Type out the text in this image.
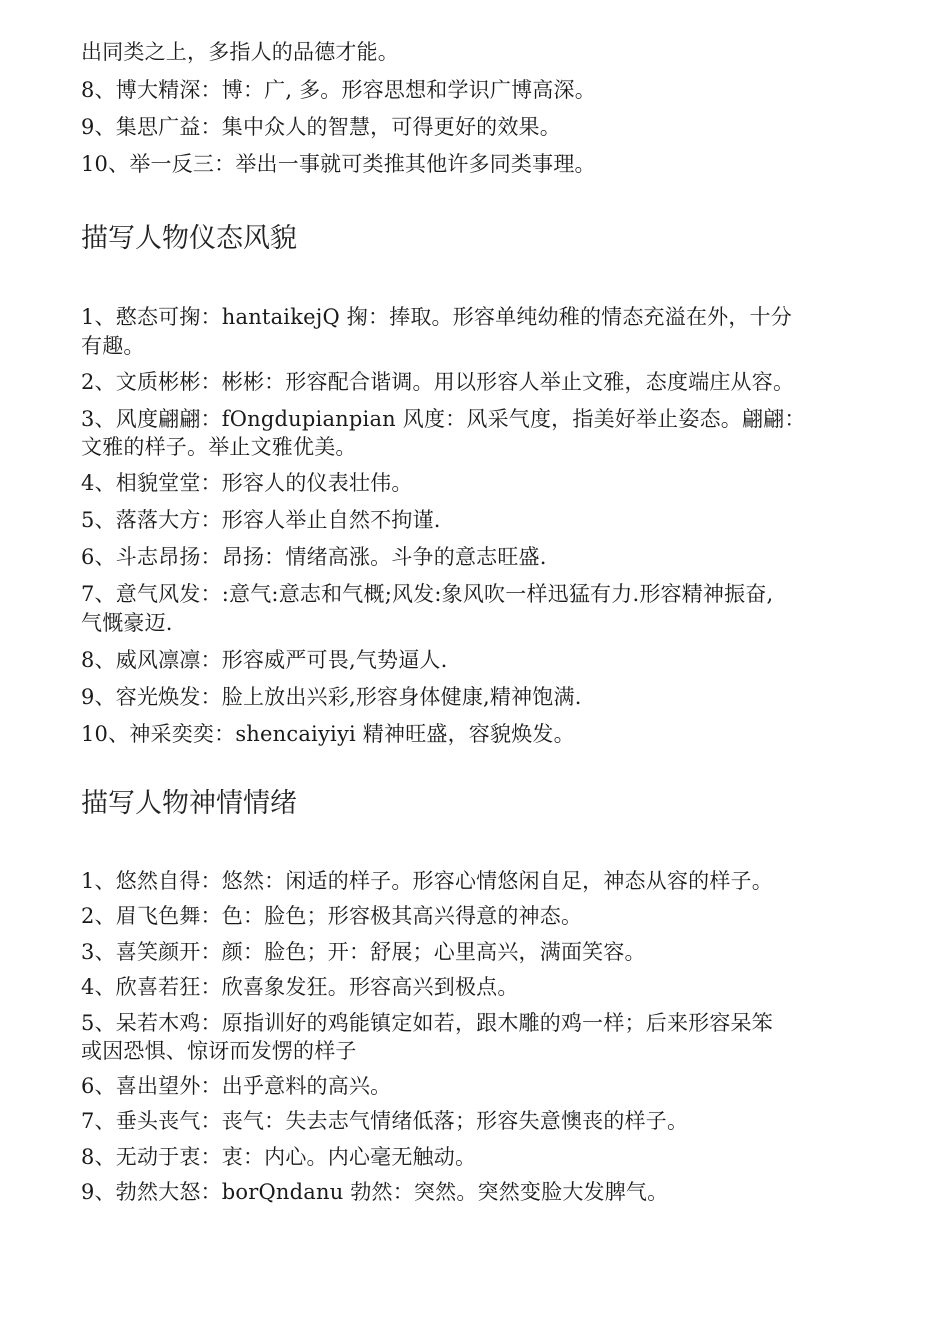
出同类之上，多指人的品德才能。
8、博大精深：博：广, 多。形容思想和学识广博高深。
9、集思广益：集中众人的智慧，可得更好的效果。
10、举一反三：举出一事就可类推其他许多同类事理。
描写人物仪态风貌
1、憨态可掬：hantaikejQ 掬：捧取。形容单纯幼稚的情态充溢在外，十分
有趣。
2、文质彬彬：彬彬：形容配合谐调。用以形容人举止文雅，态度端庄从容。
3、风度翩翩：fOngdupianpian 风度：风采气度，指美好举止姿态。翩翩：
文雅的样子。举止文雅优美。
4、相貌堂堂：形容人的仪表壮伟。
5、落落大方：形容人举止自然不拘谨.
6、斗志昂扬：昂扬：情绪高涨。斗争的意志旺盛.
7、意气风发：:意气:意志和气概;风发:象风吹一样迅猛有力.形容精神振奋,
气慨豪迈.
8、威风凛凛：形容威严可畏,气势逼人.
9、容光焕发：脸上放出兴彩,形容身体健康,精神饱满.
10、神采奕奕：shencaiyiyi 精神旺盛，容貌焕发。
描写人物神情情绪
1、悠然自得：悠然：闲适的样子。形容心情悠闲自足，神态从容的样子。
2、眉飞色舞：色：脸色；形容极其高兴得意的神态。
3、喜笑颜开：颜：脸色；开：舒展；心里高兴，满面笑容。
4、欣喜若狂：欣喜象发狂。形容高兴到极点。
5、呆若木鸡：原指训好的鸡能镇定如若，跟木雕的鸡一样；后来形容呆笨
或因恐惧、惊讶而发愣的样子
6、喜出望外：出乎意料的高兴。
7、垂头丧气：丧气：失去志气情绪低落；形容失意懊丧的样子。
8、无动于衷：衷：内心。内心毫无触动。
9、勃然大怒：borQndanu 勃然：突然。突然变脸大发脾气。
